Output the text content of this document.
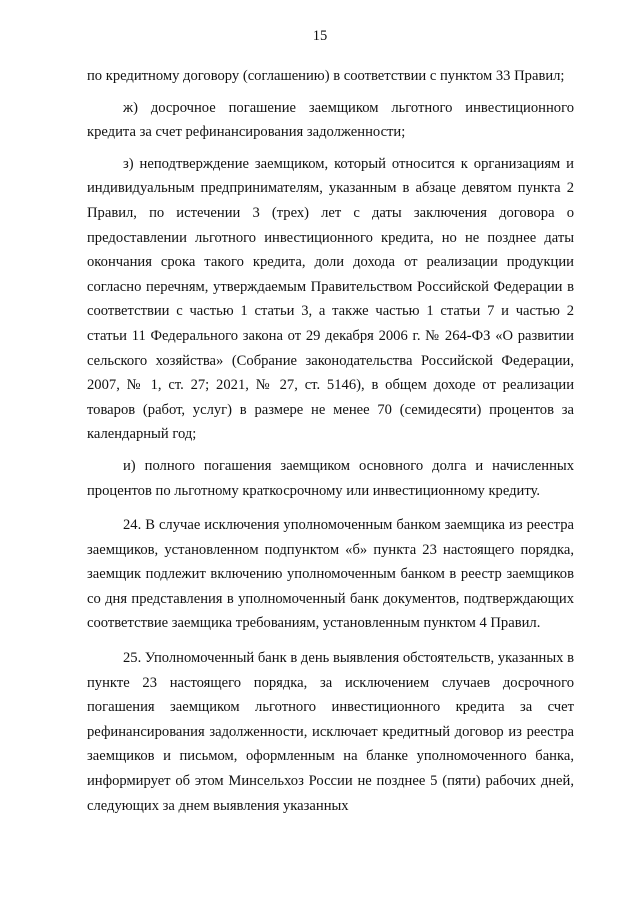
15

по кредитному договору (соглашению) в соответствии с пунктом 33 Правил;

ж) досрочное погашение заемщиком льготного инвестиционного кредита за счет рефинансирования задолженности;

з) неподтверждение заемщиком, который относится к организациям и индивидуальным предпринимателям, указанным в абзаце девятом пункта 2 Правил, по истечении 3 (трех) лет с даты заключения договора о предоставлении льготного инвестиционного кредита, но не позднее даты окончания срока такого кредита, доли дохода от реализации продукции согласно перечням, утверждаемым Правительством Российской Федерации в соответствии с частью 1 статьи 3, а также частью 1 статьи 7 и частью 2 статьи 11 Федерального закона от 29 декабря 2006 г. № 264-ФЗ «О развитии сельского хозяйства» (Собрание законодательства Российской Федерации, 2007, № 1, ст. 27; 2021, № 27, ст. 5146), в общем доходе от реализации товаров (работ, услуг) в размере не менее 70 (семидесяти) процентов за календарный год;

и) полного погашения заемщиком основного долга и начисленных процентов по льготному краткосрочному или инвестиционному кредиту.

24. В случае исключения уполномоченным банком заемщика из реестра заемщиков, установленном подпунктом «б» пункта 23 настоящего порядка, заемщик подлежит включению уполномоченным банком в реестр заемщиков со дня представления в уполномоченный банк документов, подтверждающих соответствие заемщика требованиям, установленным пунктом 4 Правил.

25. Уполномоченный банк в день выявления обстоятельств, указанных в пункте 23 настоящего порядка, за исключением случаев досрочного погашения заемщиком льготного инвестиционного кредита за счет рефинансирования задолженности, исключает кредитный договор из реестра заемщиков и письмом, оформленным на бланке уполномоченного банка, информирует об этом Минсельхоз России не позднее 5 (пяти) рабочих дней, следующих за днем выявления указанных
